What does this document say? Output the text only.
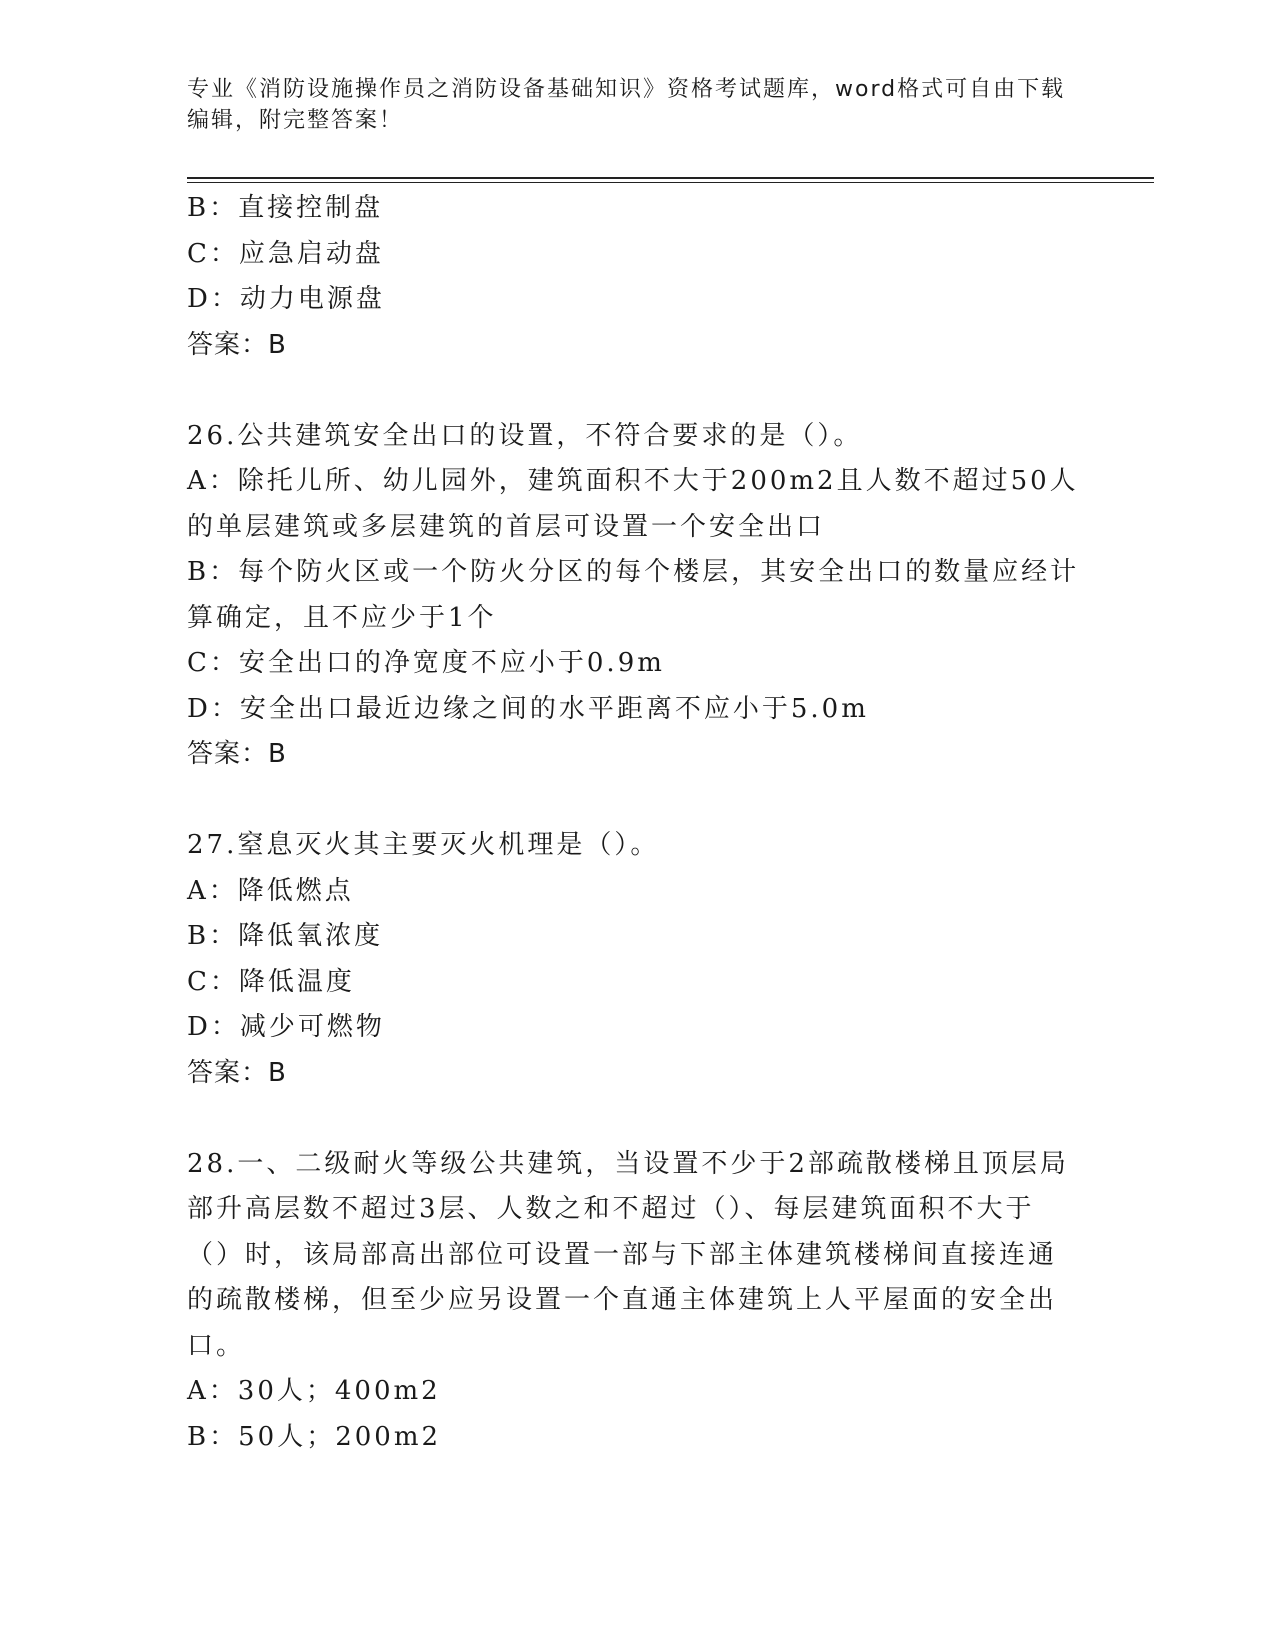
专业《消防设施操作员之消防设备基础知识》资格考试题库，word格式可自由下载编辑，附完整答案！
B：直接控制盘
C：应急启动盘
D：动力电源盘
答案：B
26.公共建筑安全出口的设置，不符合要求的是（）。
A：除托儿所、幼儿园外，建筑面积不大于200m2且人数不超过50人
的单层建筑或多层建筑的首层可设置一个安全出口
B：每个防火区或一个防火分区的每个楼层，其安全出口的数量应经计
算确定，且不应少于1个
C：安全出口的净宽度不应小于0.9m
D：安全出口最近边缘之间的水平距离不应小于5.0m
答案：B
27.窒息灭火其主要灭火机理是（）。
A：降低燃点
B：降低氧浓度
C：降低温度
D：减少可燃物
答案：B
28.一、二级耐火等级公共建筑，当设置不少于2部疏散楼梯且顶层局
部升高层数不超过3层、人数之和不超过（）、每层建筑面积不大于
（）时，该局部高出部位可设置一部与下部主体建筑楼梯间直接连通
的疏散楼梯，但至少应另设置一个直通主体建筑上人平屋面的安全出
口。
A：30人；400m2
B：50人；200m2
